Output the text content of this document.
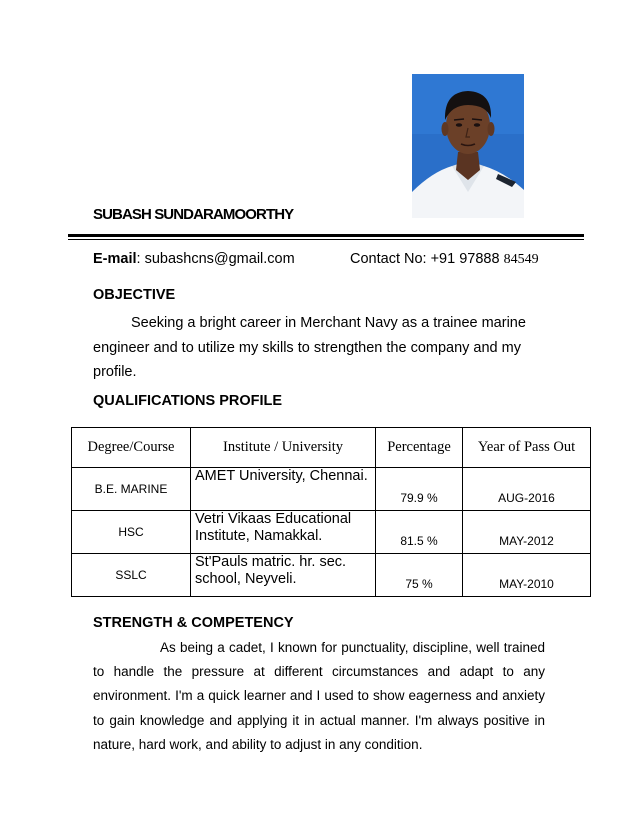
SUBASH SUNDARAMOORTHY
E-mail: subashcns@gmail.com	Contact No: +91 97888 84549
OBJECTIVE
Seeking a bright career in Merchant Navy as a trainee marine engineer and to utilize my skills to strengthen the company and my profile.
QUALIFICATIONS PROFILE
Degree/Course	Institute / University	Percentage	Year of Pass Out
B.E. MARINE	AMET University, Chennai.	79.9 %	AUG-2016
HSC	Vetri Vikaas Educational Institute, Namakkal.	81.5 %	MAY-2012
SSLC	St'Pauls matric. hr. sec. school, Neyveli.	75 %	MAY-2010
STRENGTH & COMPETENCY
As being a cadet, I known for punctuality, discipline, well trained to handle the pressure at different circumstances and adapt to any environment. I'm a quick learner and I used to show eagerness and anxiety to gain knowledge and applying it in actual manner. I'm always positive in nature, hard work, and ability to adjust in any condition.
